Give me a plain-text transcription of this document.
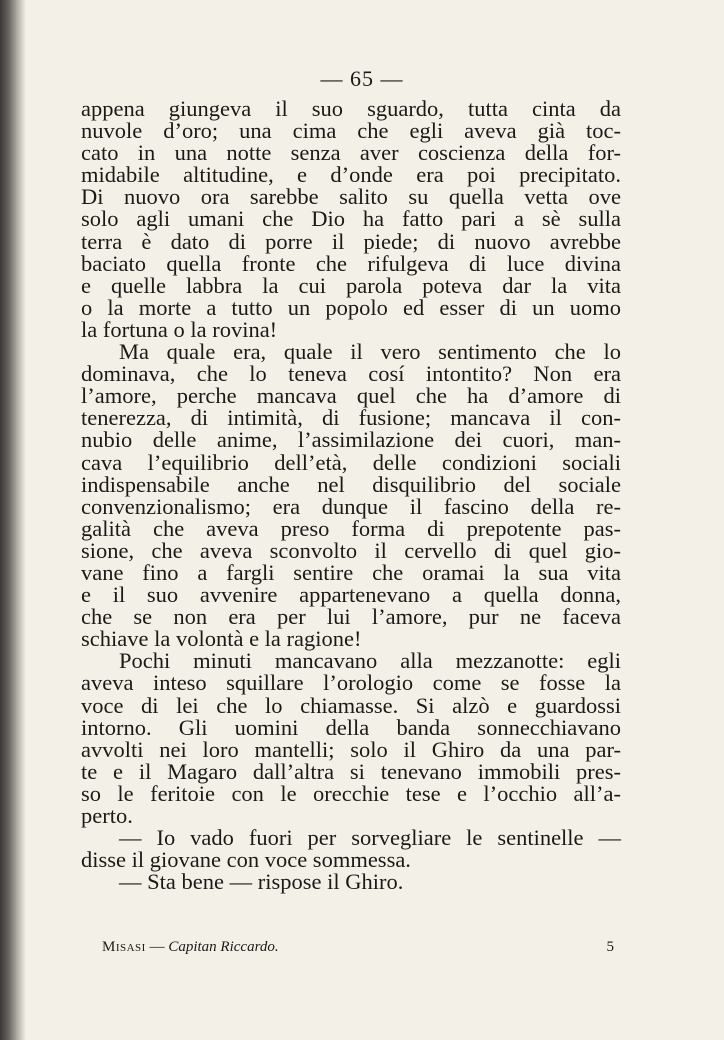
— 65 —
appena giungeva il suo sguardo, tutta cinta da
nuvole d’oro; una cima che egli aveva già toc-
cato in una notte senza aver coscienza della for-
midabile altitudine, e d’onde era poi precipitato.
Di nuovo ora sarebbe salito su quella vetta ove
solo agli umani che Dio ha fatto pari a sè sulla
terra è dato di porre il piede; di nuovo avrebbe
baciato quella fronte che rifulgeva di luce divina
e quelle labbra la cui parola poteva dar la vita
o la morte a tutto un popolo ed esser di un uomo
la fortuna o la rovina!
Ma quale era, quale il vero sentimento che lo
dominava, che lo teneva cosí intontito? Non era
l’amore, perche mancava quel che ha d’amore di
tenerezza, di intimità, di fusione; mancava il con-
nubio delle anime, l’assimilazione dei cuori, man-
cava l’equilibrio dell’età, delle condizioni sociali
indispensabile anche nel disquilibrio del sociale
convenzionalismo; era dunque il fascino della re-
galità che aveva preso forma di prepotente pas-
sione, che aveva sconvolto il cervello di quel gio-
vane fino a fargli sentire che oramai la sua vita
e il suo avvenire appartenevano a quella donna,
che se non era per lui l’amore, pur ne faceva
schiave la volontà e la ragione!
Pochi minuti mancavano alla mezzanotte: egli
aveva inteso squillare l’orologio come se fosse la
voce di lei che lo chiamasse. Si alzò e guardossi
intorno. Gli uomini della banda sonnecchiavano
avvolti nei loro mantelli; solo il Ghiro da una par-
te e il Magaro dall’altra si tenevano immobili pres-
so le feritoie con le orecchie tese e l’occhio all’a-
perto.
— Io vado fuori per sorvegliare le sentinelle —
disse il giovane con voce sommessa.
— Sta bene — rispose il Ghiro.
Misasi — Capitan Riccardo.	5
